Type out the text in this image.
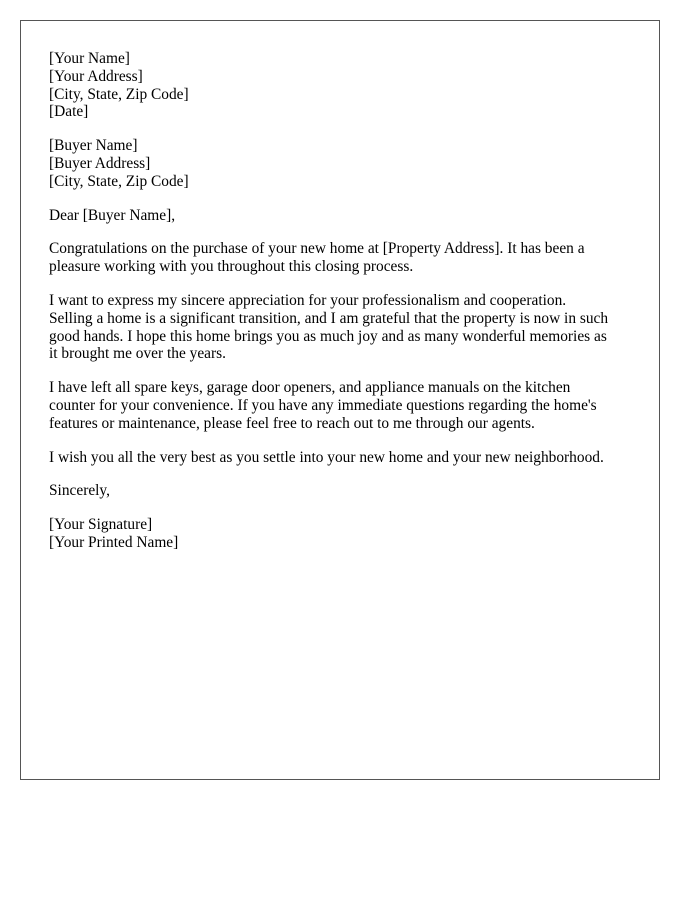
[Your Name]
[Your Address]
[City, State, Zip Code]
[Date]
[Buyer Name]
[Buyer Address]
[City, State, Zip Code]

Dear [Buyer Name],

Congratulations on the purchase of your new home at [Property Address]. It has been a
pleasure working with you throughout this closing process.

I want to express my sincere appreciation for your professionalism and cooperation.
Selling a home is a significant transition, and I am grateful that the property is now in such
good hands. I hope this home brings you as much joy and as many wonderful memories as
it brought me over the years.

I have left all spare keys, garage door openers, and appliance manuals on the kitchen
counter for your convenience. If you have any immediate questions regarding the home's
features or maintenance, please feel free to reach out to me through our agents.

I wish you all the very best as you settle into your new home and your new neighborhood.

Sincerely,

[Your Signature]
[Your Printed Name]
